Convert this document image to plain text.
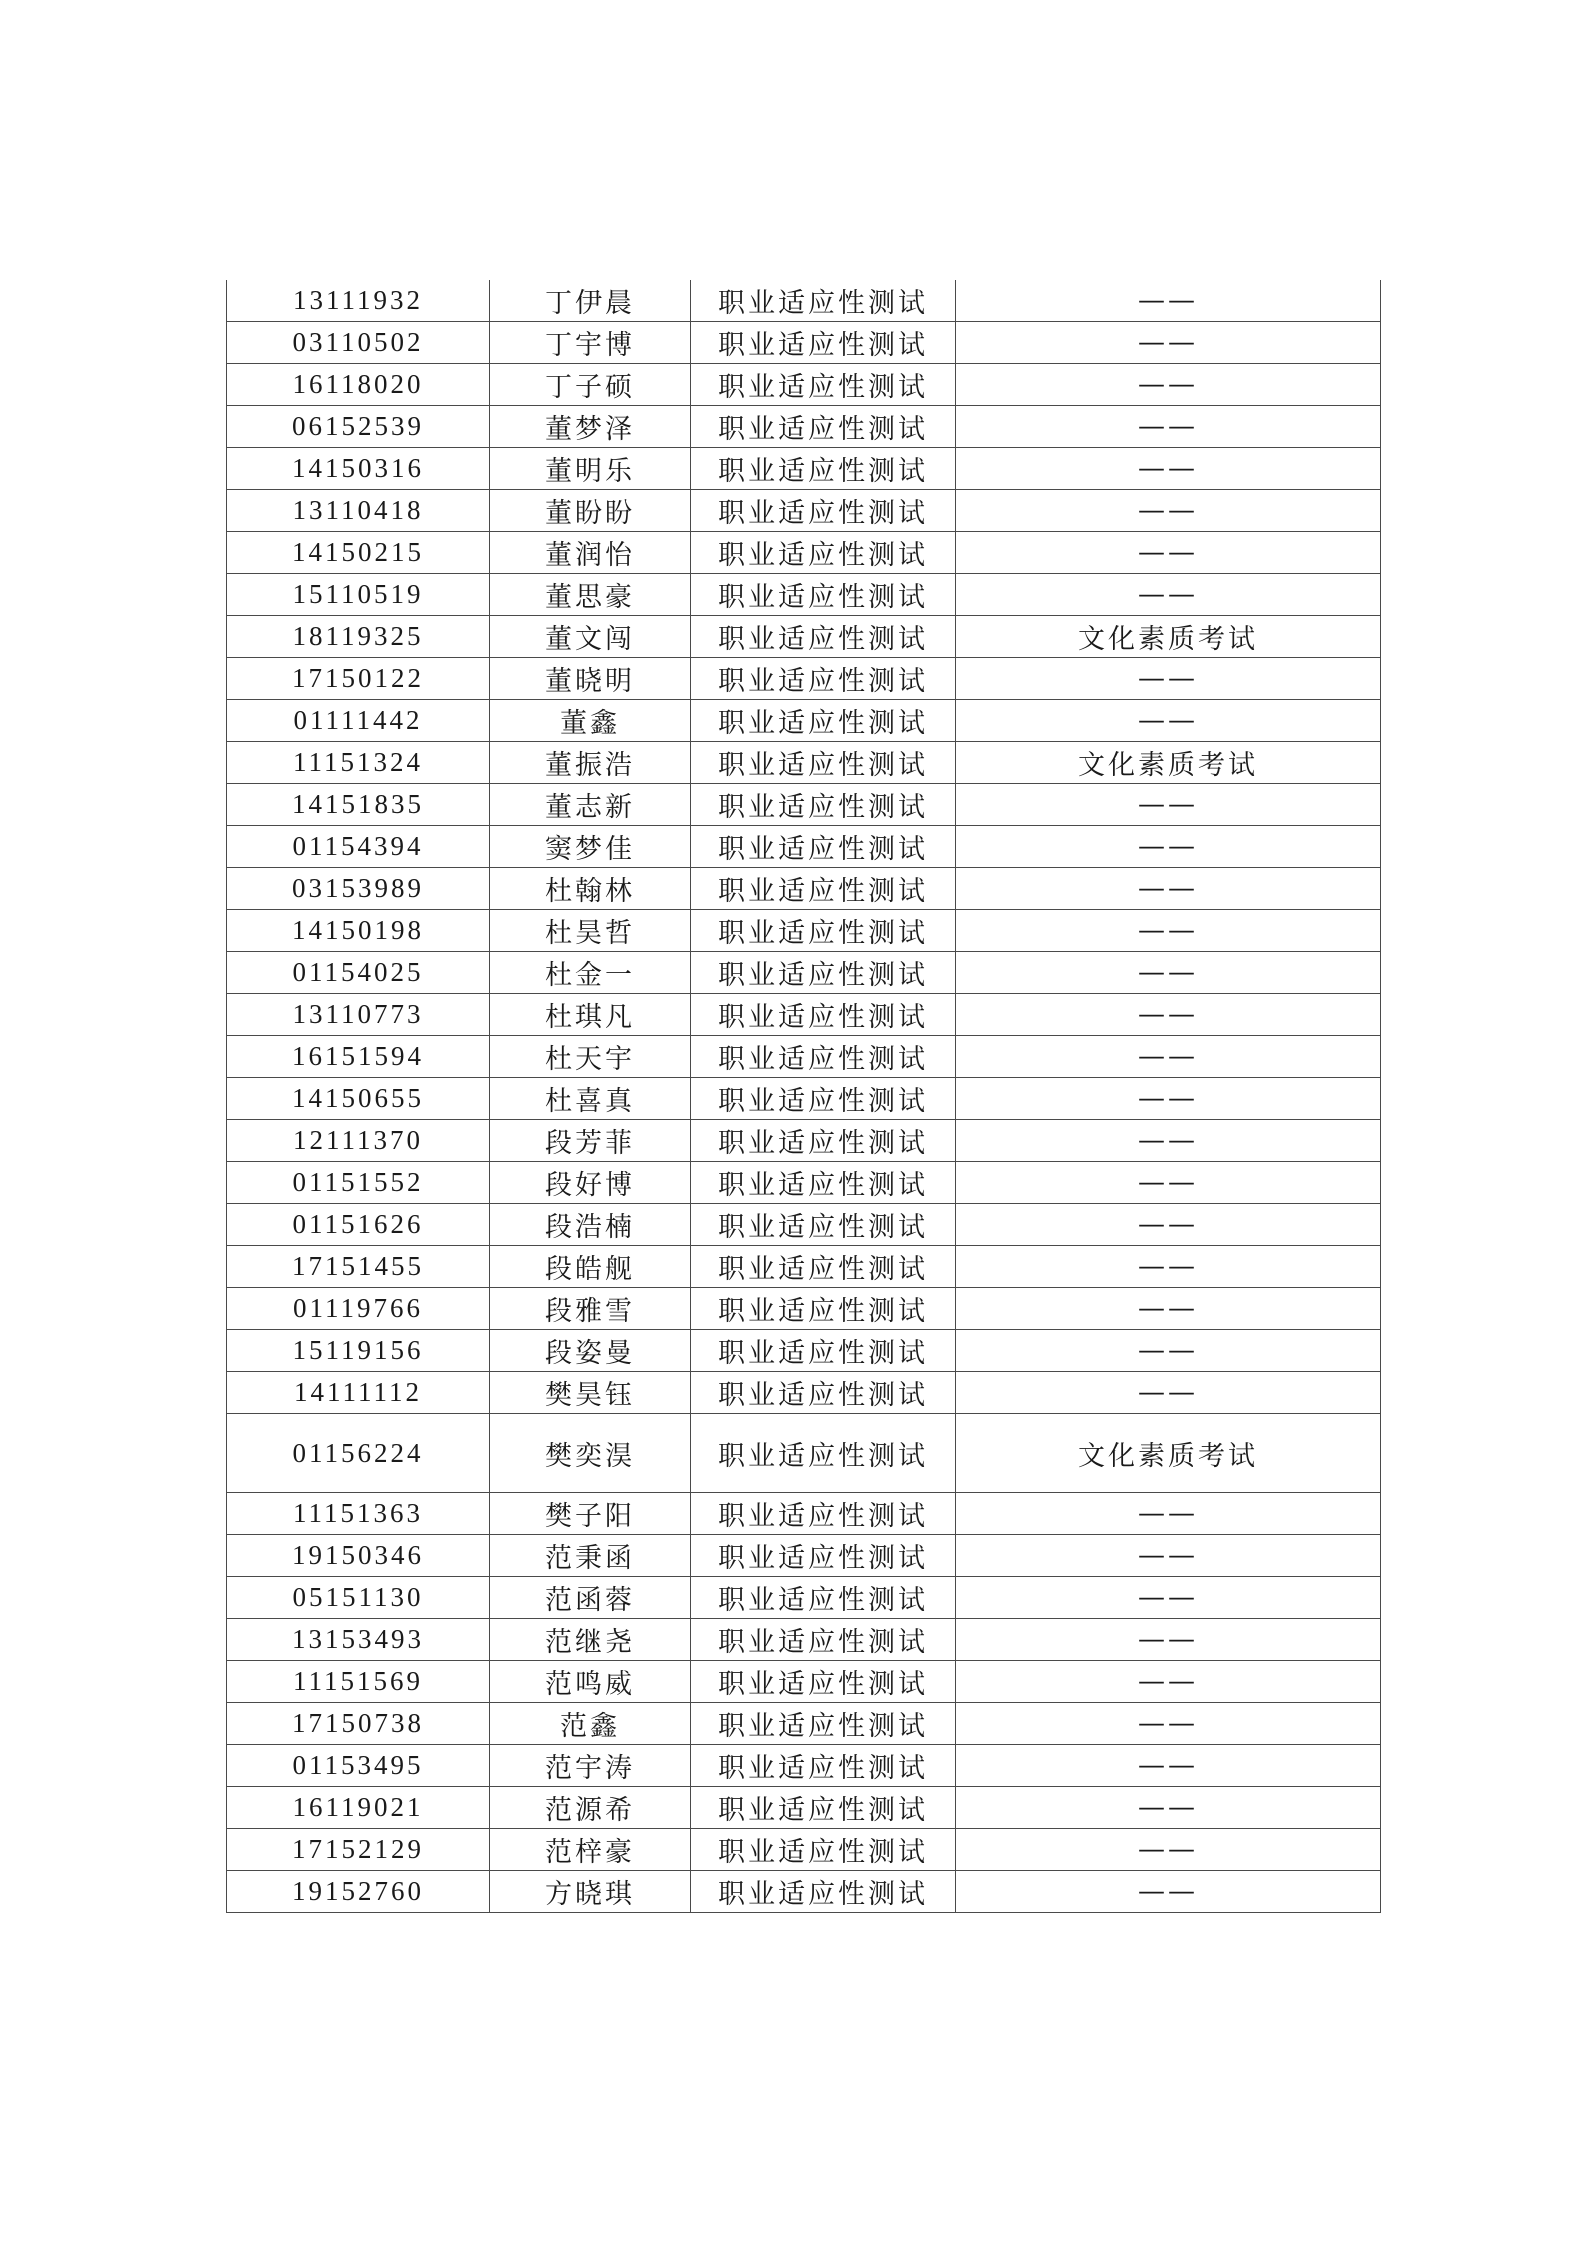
13111932	丁伊晨	职业适应性测试	——
03110502	丁宇博	职业适应性测试	——
16118020	丁子硕	职业适应性测试	——
06152539	董梦泽	职业适应性测试	——
14150316	董明乐	职业适应性测试	——
13110418	董盼盼	职业适应性测试	——
14150215	董润怡	职业适应性测试	——
15110519	董思豪	职业适应性测试	——
18119325	董文闯	职业适应性测试	文化素质考试
17150122	董晓明	职业适应性测试	——
01111442	董鑫	职业适应性测试	——
11151324	董振浩	职业适应性测试	文化素质考试
14151835	董志新	职业适应性测试	——
01154394	窦梦佳	职业适应性测试	——
03153989	杜翰林	职业适应性测试	——
14150198	杜昊哲	职业适应性测试	——
01154025	杜金一	职业适应性测试	——
13110773	杜琪凡	职业适应性测试	——
16151594	杜天宇	职业适应性测试	——
14150655	杜喜真	职业适应性测试	——
12111370	段芳菲	职业适应性测试	——
01151552	段好博	职业适应性测试	——
01151626	段浩楠	职业适应性测试	——
17151455	段皓舰	职业适应性测试	——
01119766	段雅雪	职业适应性测试	——
15119156	段姿曼	职业适应性测试	——
14111112	樊昊钰	职业适应性测试	——
01156224	樊奕淏	职业适应性测试	文化素质考试
11151363	樊子阳	职业适应性测试	——
19150346	范秉函	职业适应性测试	——
05151130	范函蓉	职业适应性测试	——
13153493	范继尧	职业适应性测试	——
11151569	范鸣威	职业适应性测试	——
17150738	范鑫	职业适应性测试	——
01153495	范宇涛	职业适应性测试	——
16119021	范源希	职业适应性测试	——
17152129	范梓豪	职业适应性测试	——
19152760	方晓琪	职业适应性测试	——
